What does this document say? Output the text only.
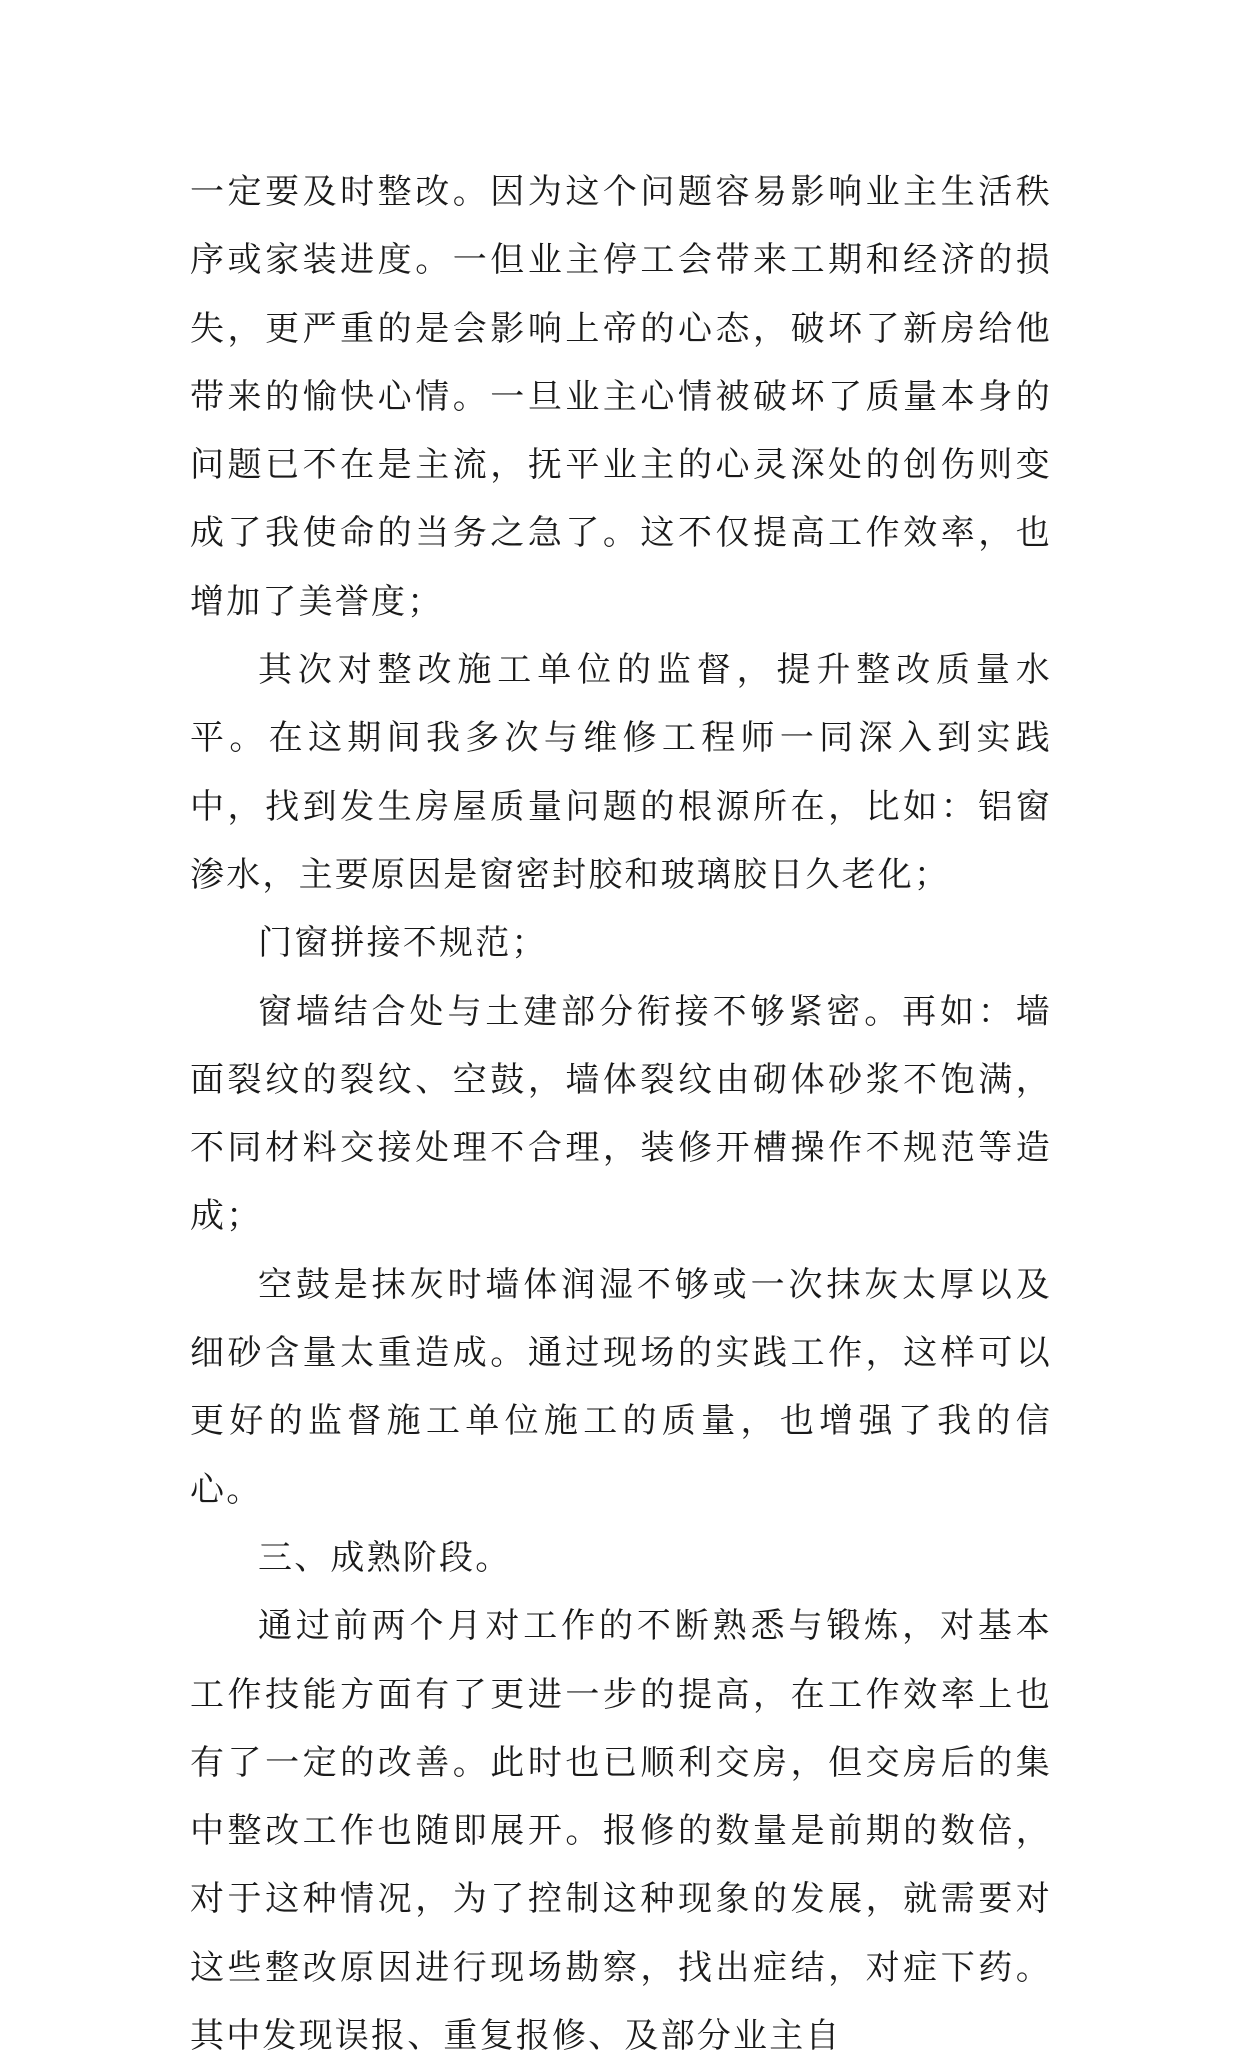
一定要及时整改。因为这个问题容易影响业主生活秩序或家装进度。一但业主停工会带来工期和经济的损失，更严重的是会影响上帝的心态，破坏了新房给他带来的愉快心情。一旦业主心情被破坏了质量本身的问题已不在是主流，抚平业主的心灵深处的创伤则变成了我使命的当务之急了。这不仅提高工作效率，也增加了美誉度；

其次对整改施工单位的监督，提升整改质量水平。在这期间我多次与维修工程师一同深入到实践中，找到发生房屋质量问题的根源所在，比如：铝窗渗水，主要原因是窗密封胶和玻璃胶日久老化；

门窗拼接不规范；

窗墙结合处与土建部分衔接不够紧密。再如：墙面裂纹的裂纹、空鼓，墙体裂纹由砌体砂浆不饱满，不同材料交接处理不合理，装修开槽操作不规范等造成；

空鼓是抹灰时墙体润湿不够或一次抹灰太厚以及细砂含量太重造成。通过现场的实践工作，这样可以更好的监督施工单位施工的质量，也增强了我的信心。

三、成熟阶段。

通过前两个月对工作的不断熟悉与锻炼，对基本工作技能方面有了更进一步的提高，在工作效率上也有了一定的改善。此时也已顺利交房，但交房后的集中整改工作也随即展开。报修的数量是前期的数倍，对于这种情况，为了控制这种现象的发展，就需要对这些整改原因进行现场勘察，找出症结，对症下药。其中发现误报、重复报修、及部分业主自
